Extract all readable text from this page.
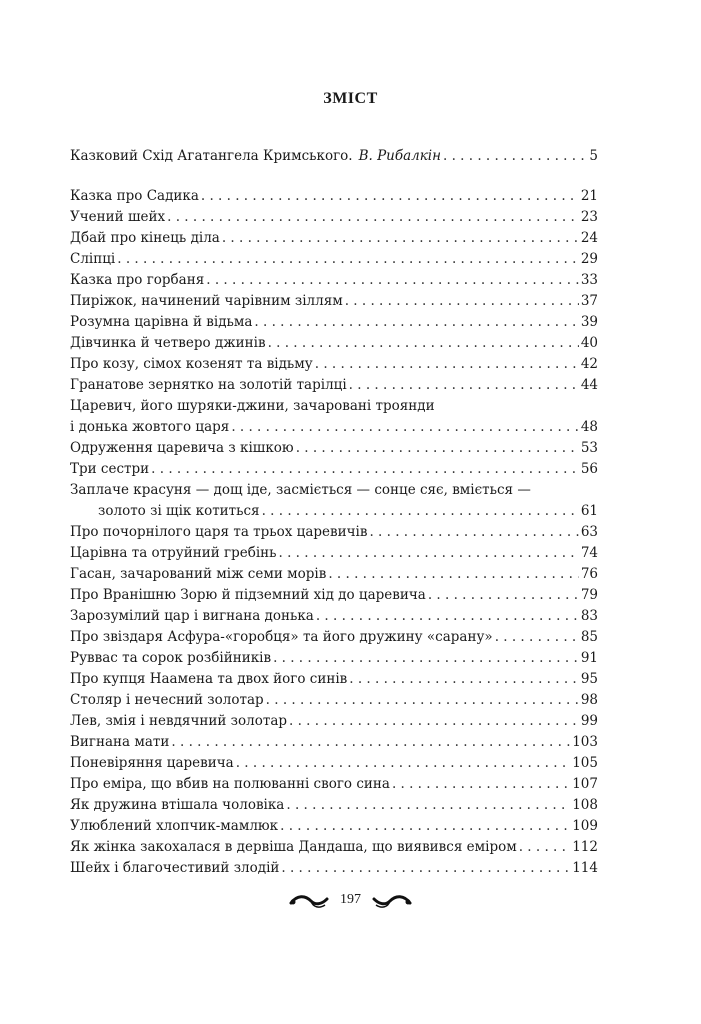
ЗМІСТ
Казковий Схід Агатангела Кримського. В. Рибалкін . . .	5
Казка про Садика . . .	21
Учений шейх . . .	23
Дбай про кінець діла . . .	24
Сліпці . . .	29
Казка про горбаня . . .	33
Пиріжок, начинений чарівним зіллям . . .	37
Розумна царівна й відьма . . .	39
Дівчинка й четверо джинів . . .	40
Про козу, сімох козенят та відьму . . .	42
Гранатове зернятко на золотій тарілці . . .	44
Царевич, його шуряки-джини, зачаровані троянди
і донька жовтого царя . . .	48
Одруження царевича з кішкою . . .	53
Три сестри . . .	56
Заплаче красуня — дощ іде, засміється — сонце сяє, вміється —
золото зі щік котиться . . .	61
Про почорнілого царя та трьох царевичів . . .	63
Царівна та отруйний гребінь . . .	74
Гасан, зачарований між семи морів . . .	76
Про Вранішню Зорю й підземний хід до царевича . . .	79
Зарозумілий цар і вигнана донька . . .	83
Про звіздаря Асфура-«горобця» та його дружину «сарану» . . .	85
Руввас та сорок розбійників . . .	91
Про купця Наамена та двох його синів . . .	95
Столяр і нечесний золотар . . .	98
Лев, змія і невдячний золотар . . .	99
Вигнана мати . . .	103
Поневіряння царевича . . .	105
Про еміра, що вбив на полюванні свого сина . . .	107
Як дружина втішала чоловіка . . .	108
Улюблений хлопчик-мамлюк . . .	109
Як жінка закохалася в дервіша Дандаша, що виявився еміром . . .	112
Шейх і благочестивий злодій . . .	114
197
